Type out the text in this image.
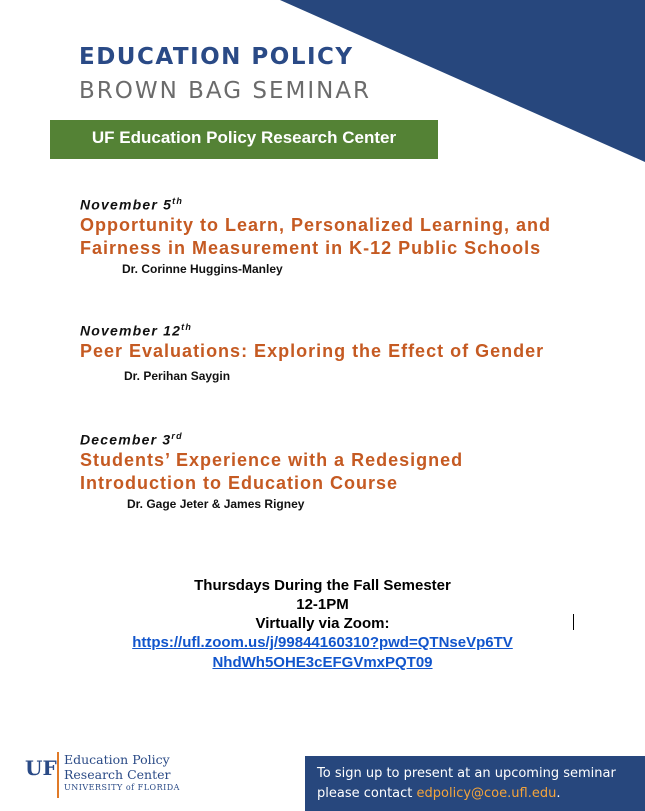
EDUCATION POLICY
BROWN BAG SEMINAR
UF Education Policy Research Center
November 5th
Opportunity to Learn, Personalized Learning, and
Fairness in Measurement in K-12 Public Schools
Dr. Corinne Huggins-Manley
November 12th
Peer Evaluations: Exploring the Effect of Gender
Dr. Perihan Saygin
December 3rd
Students’ Experience with a Redesigned
Introduction to Education Course
Dr. Gage Jeter & James Rigney
Thursdays During the Fall Semester
12-1PM
Virtually via Zoom:
https://ufl.zoom.us/j/99844160310?pwd=QTNseVp6TV
NhdWh5OHE3cEFGVmxPQT09
UF Education Policy
Research Center
UNIVERSITY of FLORIDA
To sign up to present at an upcoming seminar
please contact edpolicy@coe.ufl.edu.
